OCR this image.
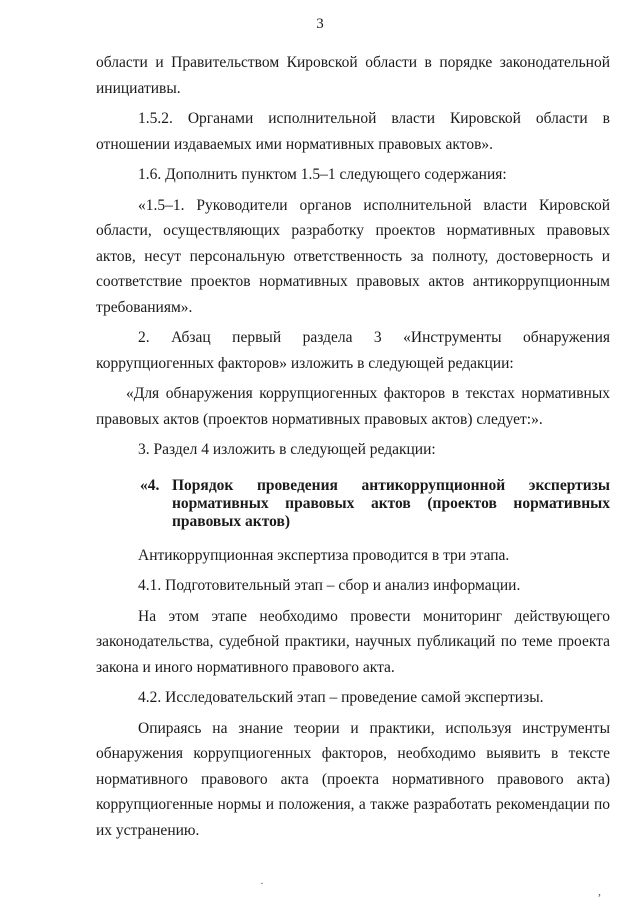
3

области и Правительством Кировской области в порядке законодательной инициативы.

1.5.2. Органами исполнительной власти Кировской области в отношении издаваемых ими нормативных правовых актов».

1.6. Дополнить пунктом 1.5–1 следующего содержания:

«1.5–1. Руководители органов исполнительной власти Кировской области, осуществляющих разработку проектов нормативных правовых актов, несут персональную ответственность за полноту, достоверность и соответствие проектов нормативных правовых актов антикоррупционным требованиям».

2. Абзац первый раздела 3 «Инструменты обнаружения коррупциогенных факторов» изложить в следующей редакции:

«Для обнаружения коррупциогенных факторов в текстах нормативных правовых актов (проектов нормативных правовых актов) следует:».

3. Раздел 4 изложить в следующей редакции:

«4. Порядок проведения антикоррупционной экспертизы нормативных правовых актов (проектов нормативных правовых актов)

Антикоррупционная экспертиза проводится в три этапа.

4.1. Подготовительный этап – сбор и анализ информации.

На этом этапе необходимо провести мониторинг действующего законодательства, судебной практики, научных публикаций по теме проекта закона и иного нормативного правового акта.

4.2. Исследовательский этап – проведение самой экспертизы.

Опираясь на знание теории и практики, используя инструменты обнаружения коррупциогенных факторов, необходимо выявить в тексте нормативного правового акта (проекта нормативного правового акта) коррупциогенные нормы и положения, а также разработать рекомендации по их устранению.

·
,
